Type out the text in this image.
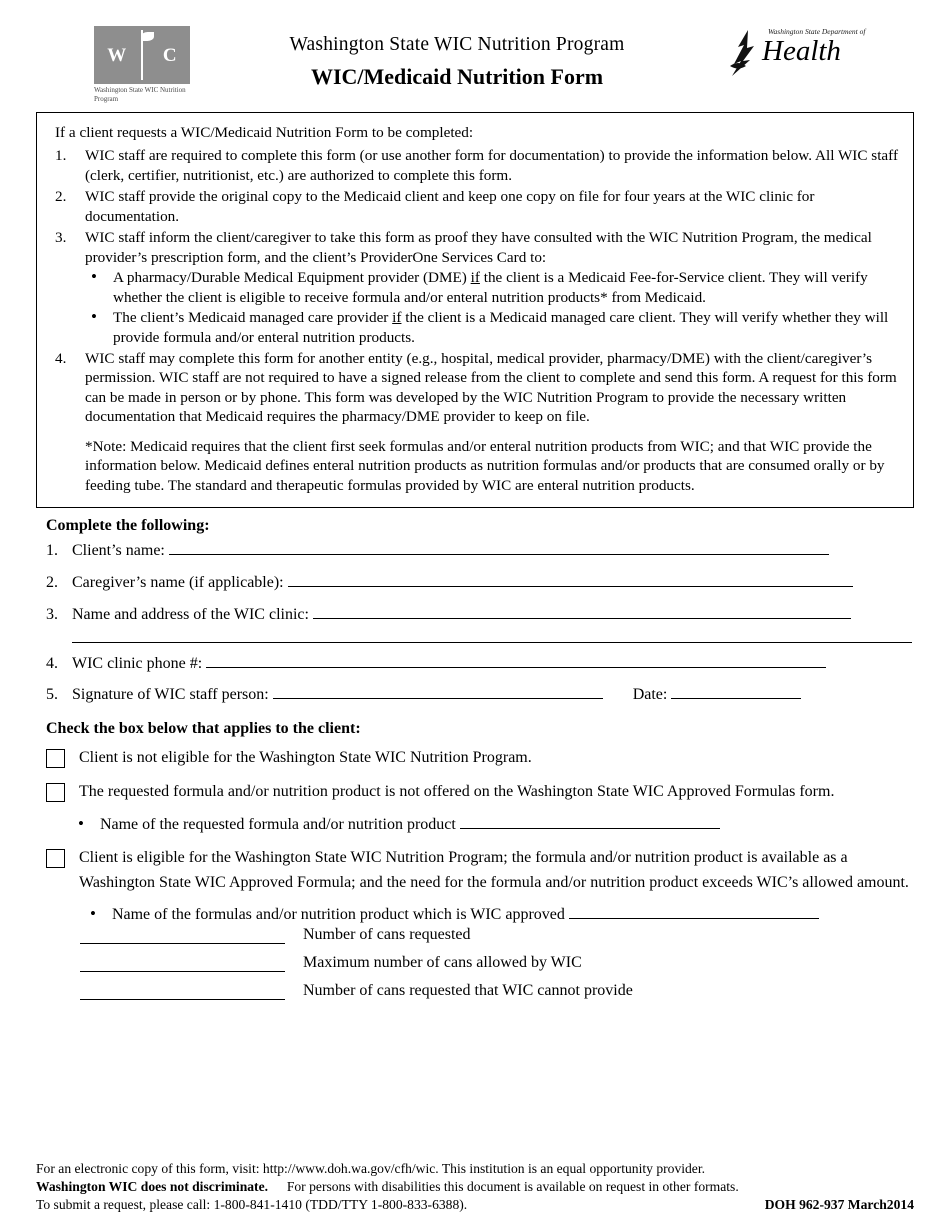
W C
Washington State WIC Nutrition Program
Washington State WIC Nutrition Program
WIC/Medicaid Nutrition Form
Washington State Department of
Health
If a client requests a WIC/Medicaid Nutrition Form to be completed:
1. WIC staff are required to complete this form (or use another form for documentation) to provide the information below. All WIC staff (clerk, certifier, nutritionist, etc.) are authorized to complete this form.
2. WIC staff provide the original copy to the Medicaid client and keep one copy on file for four years at the WIC clinic for documentation.
3. WIC staff inform the client/caregiver to take this form as proof they have consulted with the WIC Nutrition Program, the medical provider’s prescription form, and the client’s ProviderOne Services Card to:
• A pharmacy/Durable Medical Equipment provider (DME) if the client is a Medicaid Fee-for-Service client. They will verify whether the client is eligible to receive formula and/or enteral nutrition products* from Medicaid.
• The client’s Medicaid managed care provider if the client is a Medicaid managed care client. They will verify whether they will provide formula and/or enteral nutrition products.
4. WIC staff may complete this form for another entity (e.g., hospital, medical provider, pharmacy/DME) with the client/caregiver’s permission. WIC staff are not required to have a signed release from the client to complete and send this form. A request for this form can be made in person or by phone. This form was developed by the WIC Nutrition Program to provide the necessary written documentation that Medicaid requires the pharmacy/DME provider to keep on file.
*Note: Medicaid requires that the client first seek formulas and/or enteral nutrition products from WIC; and that WIC provide the information below. Medicaid defines enteral nutrition products as nutrition formulas and/or products that are consumed orally or by feeding tube. The standard and therapeutic formulas provided by WIC are enteral nutrition products.
Complete the following:
1. Client’s name:
2. Caregiver’s name (if applicable):
3. Name and address of the WIC clinic:
4. WIC clinic phone #:
5. Signature of WIC staff person:	Date:
Check the box below that applies to the client:
Client is not eligible for the Washington State WIC Nutrition Program.
The requested formula and/or nutrition product is not offered on the Washington State WIC Approved Formulas form.
• Name of the requested formula and/or nutrition product
Client is eligible for the Washington State WIC Nutrition Program; the formula and/or nutrition product is available as a Washington State WIC Approved Formula; and the need for the formula and/or nutrition product exceeds WIC’s allowed amount.
• Name of the formulas and/or nutrition product which is WIC approved
Number of cans requested
Maximum number of cans allowed by WIC
Number of cans requested that WIC cannot provide
For an electronic copy of this form, visit: http://www.doh.wa.gov/cfh/wic. This institution is an equal opportunity provider.
Washington WIC does not discriminate. For persons with disabilities this document is available on request in other formats.
To submit a request, please call: 1-800-841-1410 (TDD/TTY 1-800-833-6388).	DOH 962-937 March2014
